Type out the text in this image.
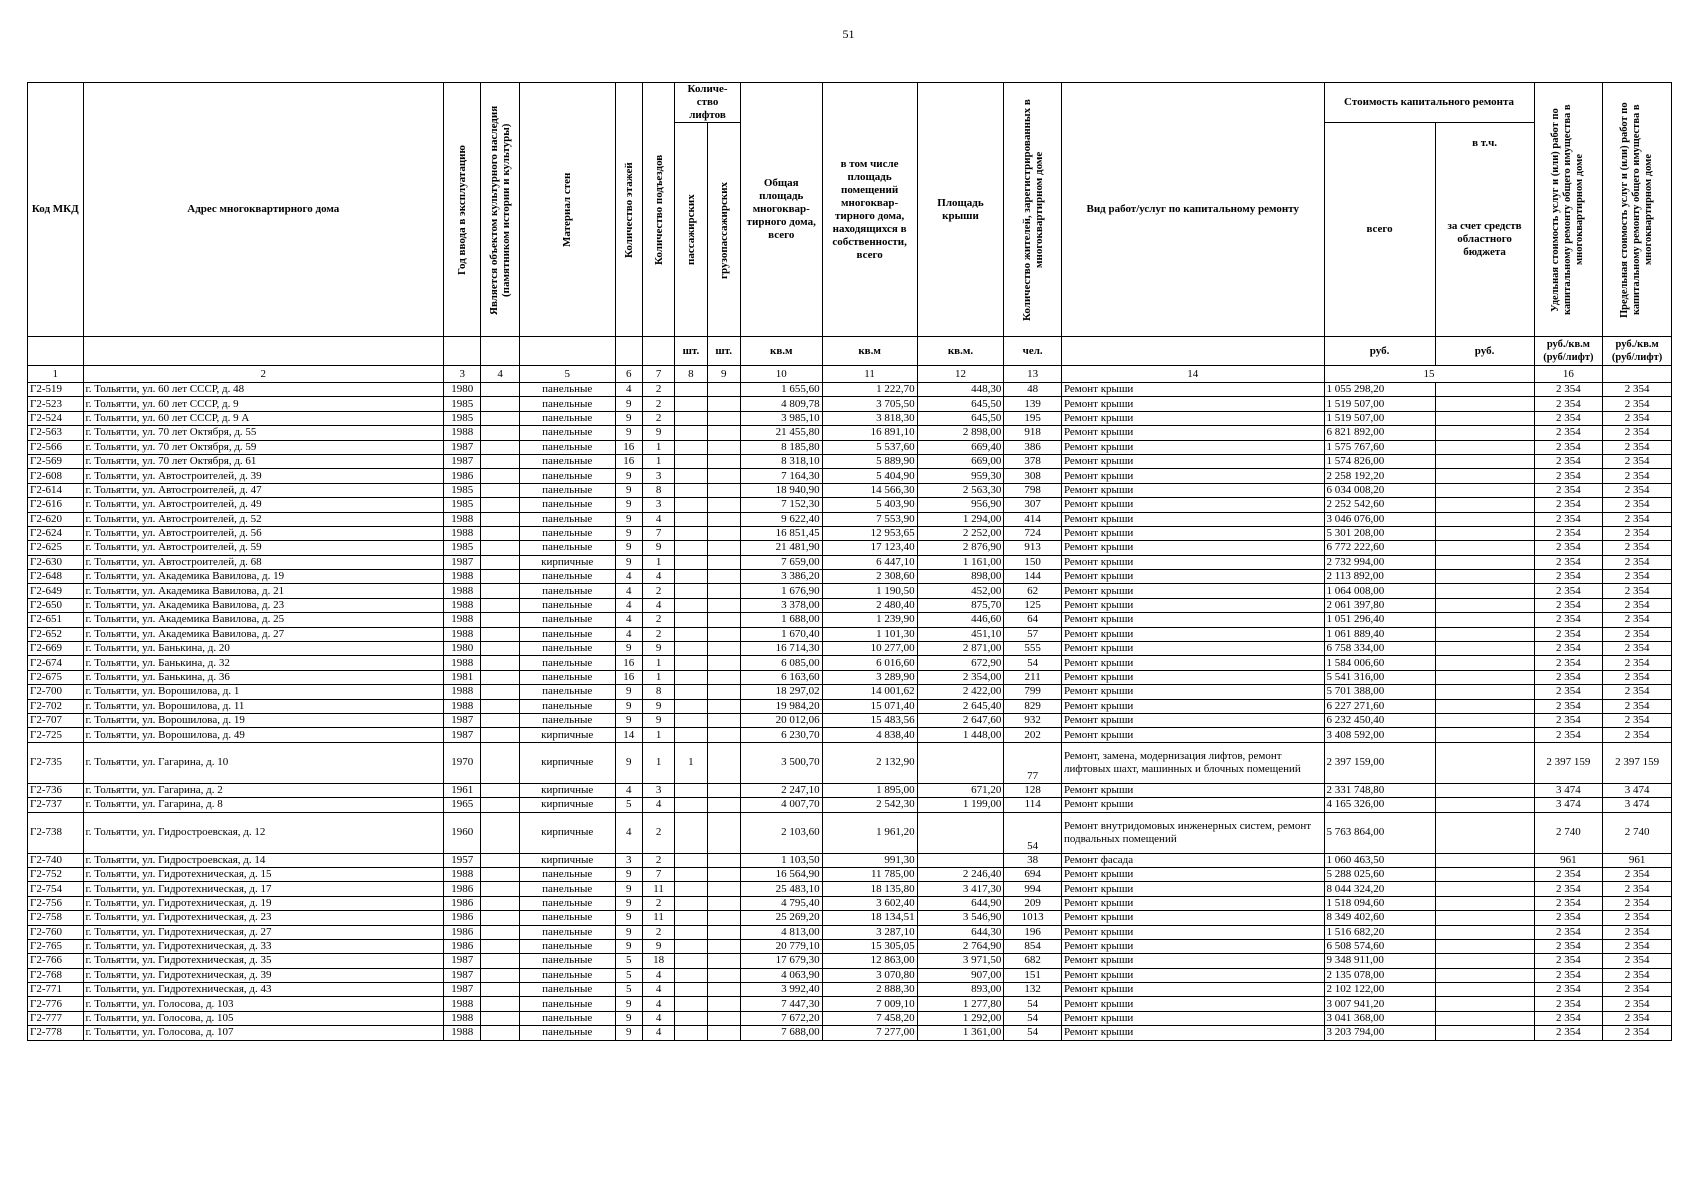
51
Код МКД	Адрес многоквартирного дома	Год ввода в эксплуатацию	Является объектом культурного наследия (памятником истории и культуры)	Материал стен	Количество этажей	Количество подъездов	Количе-ство лифтов		Общая площадь многоквар-тирного дома, всего	в том числе площадь помещений многоквар-тирного дома, находящихся в собственности, всего	Площадь крыши	Количество жителей, зарегистрированных в многоквартирном доме	Вид работ/услуг по капитальному ремонту	Стоимость капитального ремонта		Удельная стоимость услуг и (или) работ по капитальному ремонту общего имущества в многоквартирном доме	Предельная стоимость услуг и (или) работ по капитальному ремонту общего имущества в многоквартирном доме

							пассажирских	грузопассажирских						всего	в т.ч.
за счет средств областного бюджета		

							шт.	шт.	кв.м	кв.м	кв.м.	чел.		руб.	руб.	руб./кв.м (руб/лифт)	руб./кв.м (руб/лифт)
1	2	3	4	5	6	7	8	9	10	11	12	13	14	15		16	
Г2-519	г. Тольятти, ул. 60 лет СССР, д. 48	1980		панельные	4	2			1 655,60	1 222,70	448,30	48	Ремонт крыши	1 055 298,20		2 354	2 354
Г2-523	г. Тольятти, ул. 60 лет СССР, д. 9	1985		панельные	9	2			4 809,78	3 705,50	645,50	139	Ремонт крыши	1 519 507,00		2 354	2 354
Г2-524	г. Тольятти, ул. 60 лет СССР, д. 9 А	1985		панельные	9	2			3 985,10	3 818,30	645,50	195	Ремонт крыши	1 519 507,00		2 354	2 354
Г2-563	г. Тольятти, ул. 70 лет Октября, д. 55	1988		панельные	9	9			21 455,80	16 891,10	2 898,00	918	Ремонт крыши	6 821 892,00		2 354	2 354
Г2-566	г. Тольятти, ул. 70 лет Октября, д. 59	1987		панельные	16	1			8 185,80	5 537,60	669,40	386	Ремонт крыши	1 575 767,60		2 354	2 354
Г2-569	г. Тольятти, ул. 70 лет Октября, д. 61	1987		панельные	16	1			8 318,10	5 889,90	669,00	378	Ремонт крыши	1 574 826,00		2 354	2 354
Г2-608	г. Тольятти, ул. Автостроителей, д. 39	1986		панельные	9	3			7 164,30	5 404,90	959,30	308	Ремонт крыши	2 258 192,20		2 354	2 354
Г2-614	г. Тольятти, ул. Автостроителей, д. 47	1985		панельные	9	8			18 940,90	14 566,30	2 563,30	798	Ремонт крыши	6 034 008,20		2 354	2 354
Г2-616	г. Тольятти, ул. Автостроителей, д. 49	1985		панельные	9	3			7 152,30	5 403,90	956,90	307	Ремонт крыши	2 252 542,60		2 354	2 354
Г2-620	г. Тольятти, ул. Автостроителей, д. 52	1988		панельные	9	4			9 622,40	7 553,90	1 294,00	414	Ремонт крыши	3 046 076,00		2 354	2 354
Г2-624	г. Тольятти, ул. Автостроителей, д. 56	1988		панельные	9	7			16 851,45	12 953,65	2 252,00	724	Ремонт крыши	5 301 208,00		2 354	2 354
Г2-625	г. Тольятти, ул. Автостроителей, д. 59	1985		панельные	9	9			21 481,90	17 123,40	2 876,90	913	Ремонт крыши	6 772 222,60		2 354	2 354
Г2-630	г. Тольятти, ул. Автостроителей, д. 68	1987		кирпичные	9	1			7 659,00	6 447,10	1 161,00	150	Ремонт крыши	2 732 994,00		2 354	2 354
Г2-648	г. Тольятти, ул. Академика Вавилова, д. 19	1988		панельные	4	4			3 386,20	2 308,60	898,00	144	Ремонт крыши	2 113 892,00		2 354	2 354
Г2-649	г. Тольятти, ул. Академика Вавилова, д. 21	1988		панельные	4	2			1 676,90	1 190,50	452,00	62	Ремонт крыши	1 064 008,00		2 354	2 354
Г2-650	г. Тольятти, ул. Академика Вавилова, д. 23	1988		панельные	4	4			3 378,00	2 480,40	875,70	125	Ремонт крыши	2 061 397,80		2 354	2 354
Г2-651	г. Тольятти, ул. Академика Вавилова, д. 25	1988		панельные	4	2			1 688,00	1 239,90	446,60	64	Ремонт крыши	1 051 296,40		2 354	2 354
Г2-652	г. Тольятти, ул. Академика Вавилова, д. 27	1988		панельные	4	2			1 670,40	1 101,30	451,10	57	Ремонт крыши	1 061 889,40		2 354	2 354
Г2-669	г. Тольятти, ул. Банькина, д. 20	1980		панельные	9	9			16 714,30	10 277,00	2 871,00	555	Ремонт крыши	6 758 334,00		2 354	2 354
Г2-674	г. Тольятти, ул. Банькина, д. 32	1988		панельные	16	1			6 085,00	6 016,60	672,90	54	Ремонт крыши	1 584 006,60		2 354	2 354
Г2-675	г. Тольятти, ул. Банькина, д. 36	1981		панельные	16	1			6 163,60	3 289,90	2 354,00	211	Ремонт крыши	5 541 316,00		2 354	2 354
Г2-700	г. Тольятти, ул. Ворошилова, д. 1	1988		панельные	9	8			18 297,02	14 001,62	2 422,00	799	Ремонт крыши	5 701 388,00		2 354	2 354
Г2-702	г. Тольятти, ул. Ворошилова, д. 11	1988		панельные	9	9			19 984,20	15 071,40	2 645,40	829	Ремонт крыши	6 227 271,60		2 354	2 354
Г2-707	г. Тольятти, ул. Ворошилова, д. 19	1987		панельные	9	9			20 012,06	15 483,56	2 647,60	932	Ремонт крыши	6 232 450,40		2 354	2 354
Г2-725	г. Тольятти, ул. Ворошилова, д. 49	1987		кирпичные	14	1			6 230,70	4 838,40	1 448,00	202	Ремонт крыши	3 408 592,00		2 354	2 354
Г2-735	г. Тольятти, ул. Гагарина, д. 10	1970		кирпичные	9	1	1		3 500,70	2 132,90		77	Ремонт, замена, модернизация лифтов, ремонт лифтовых шахт, машинных и блочных помещений	2 397 159,00		2 397 159	2 397 159
Г2-736	г. Тольятти, ул. Гагарина, д. 2	1961		кирпичные	4	3			2 247,10	1 895,00	671,20	128	Ремонт крыши	2 331 748,80		3 474	3 474
Г2-737	г. Тольятти, ул. Гагарина, д. 8	1965		кирпичные	5	4			4 007,70	2 542,30	1 199,00	114	Ремонт крыши	4 165 326,00		3 474	3 474
Г2-738	г. Тольятти, ул. Гидростроевская, д. 12	1960		кирпичные	4	2			2 103,60	1 961,20		54	Ремонт внутридомовых инженерных систем, ремонт подвальных помещений	5 763 864,00		2 740	2 740
Г2-740	г. Тольятти, ул. Гидростроевская, д. 14	1957		кирпичные	3	2			1 103,50	991,30		38	Ремонт фасада	1 060 463,50		961	961
Г2-752	г. Тольятти, ул. Гидротехническая, д. 15	1988		панельные	9	7			16 564,90	11 785,00	2 246,40	694	Ремонт крыши	5 288 025,60		2 354	2 354
Г2-754	г. Тольятти, ул. Гидротехническая, д. 17	1986		панельные	9	11			25 483,10	18 135,80	3 417,30	994	Ремонт крыши	8 044 324,20		2 354	2 354
Г2-756	г. Тольятти, ул. Гидротехническая, д. 19	1986		панельные	9	2			4 795,40	3 602,40	644,90	209	Ремонт крыши	1 518 094,60		2 354	2 354
Г2-758	г. Тольятти, ул. Гидротехническая, д. 23	1986		панельные	9	11			25 269,20	18 134,51	3 546,90	1013	Ремонт крыши	8 349 402,60		2 354	2 354
Г2-760	г. Тольятти, ул. Гидротехническая, д. 27	1986		панельные	9	2			4 813,00	3 287,10	644,30	196	Ремонт крыши	1 516 682,20		2 354	2 354
Г2-765	г. Тольятти, ул. Гидротехническая, д. 33	1986		панельные	9	9			20 779,10	15 305,05	2 764,90	854	Ремонт крыши	6 508 574,60		2 354	2 354
Г2-766	г. Тольятти, ул. Гидротехническая, д. 35	1987		панельные	5	18			17 679,30	12 863,00	3 971,50	682	Ремонт крыши	9 348 911,00		2 354	2 354
Г2-768	г. Тольятти, ул. Гидротехническая, д. 39	1987		панельные	5	4			4 063,90	3 070,80	907,00	151	Ремонт крыши	2 135 078,00		2 354	2 354
Г2-771	г. Тольятти, ул. Гидротехническая, д. 43	1987		панельные	5	4			3 992,40	2 888,30	893,00	132	Ремонт крыши	2 102 122,00		2 354	2 354
Г2-776	г. Тольятти, ул. Голосова, д. 103	1988		панельные	9	4			7 447,30	7 009,10	1 277,80	54	Ремонт крыши	3 007 941,20		2 354	2 354
Г2-777	г. Тольятти, ул. Голосова, д. 105	1988		панельные	9	4			7 672,20	7 458,20	1 292,00	54	Ремонт крыши	3 041 368,00		2 354	2 354
Г2-778	г. Тольятти, ул. Голосова, д. 107	1988		панельные	9	4			7 688,00	7 277,00	1 361,00	54	Ремонт крыши	3 203 794,00		2 354	2 354
